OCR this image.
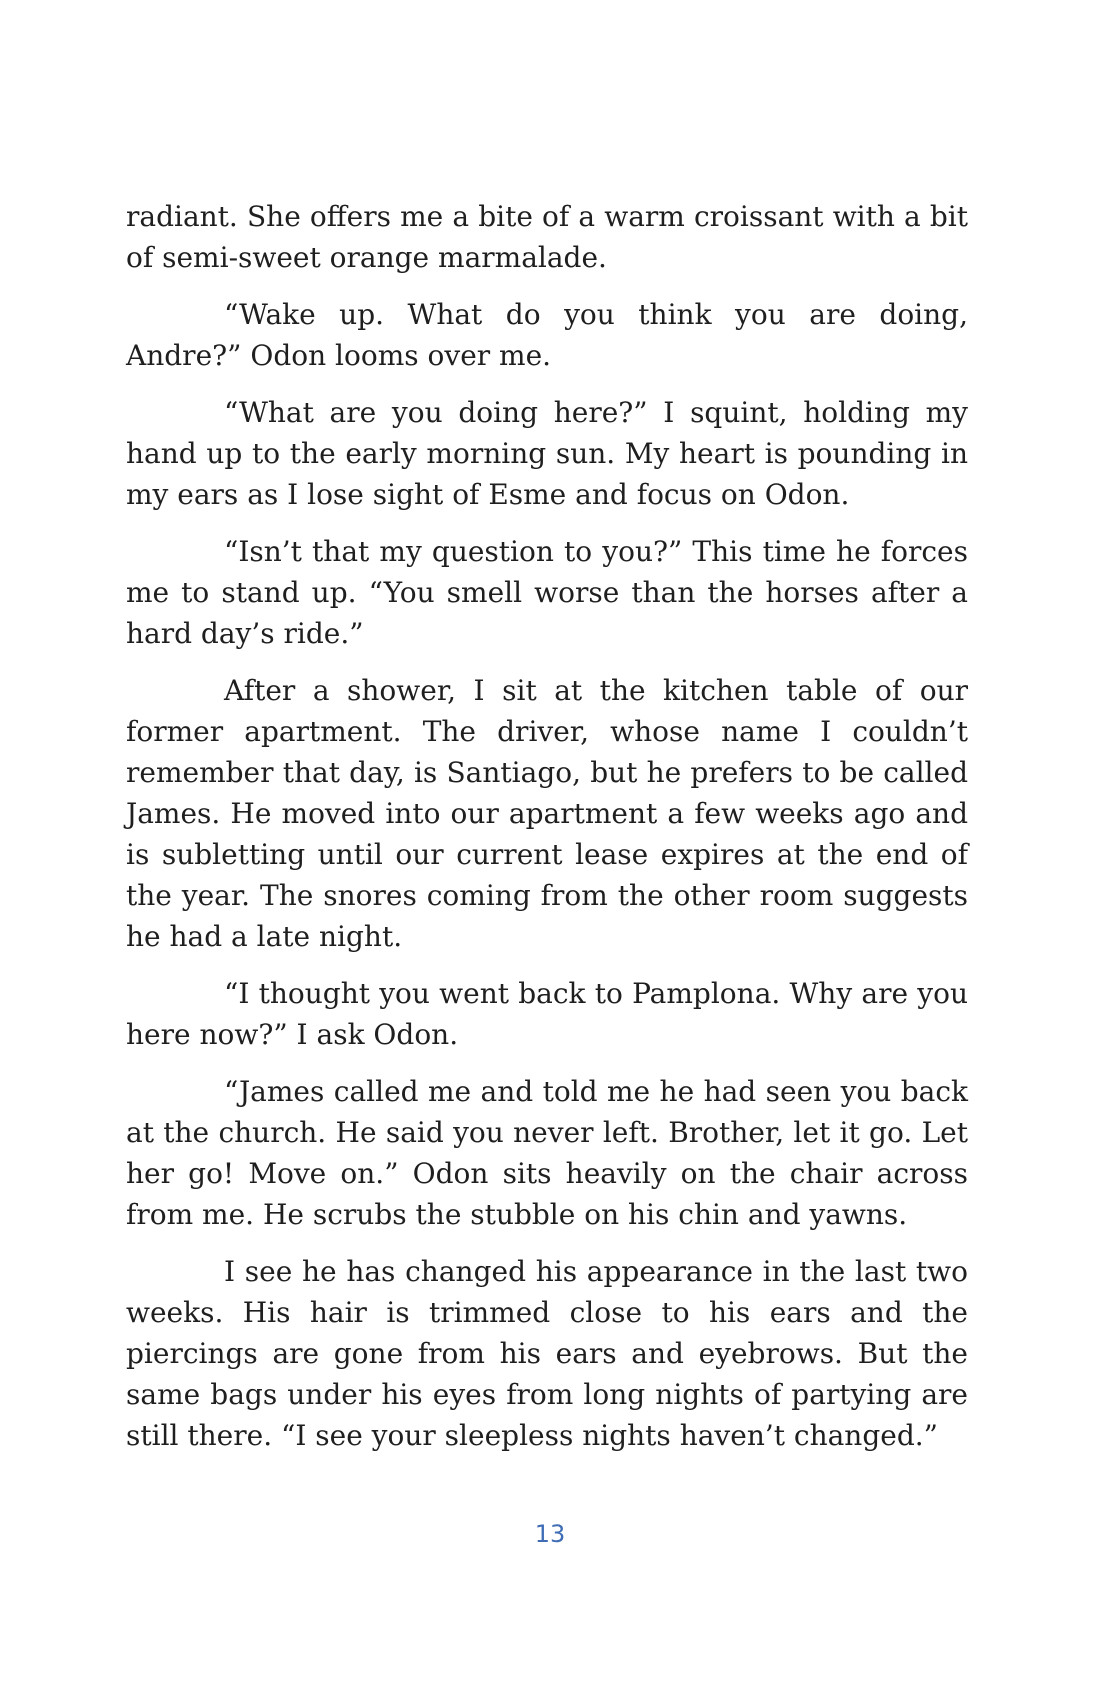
radiant. She offers me a bite of a warm croissant with a bit of semi-sweet orange marmalade.

“Wake up. What do you think you are doing, Andre?” Odon looms over me.

“What are you doing here?” I squint, holding my hand up to the early morning sun. My heart is pounding in my ears as I lose sight of Esme and focus on Odon.

“Isn’t that my question to you?” This time he forces me to stand up. “You smell worse than the horses after a hard day’s ride.”

After a shower, I sit at the kitchen table of our former apartment. The driver, whose name I couldn’t remember that day, is Santiago, but he prefers to be called James. He moved into our apartment a few weeks ago and is subletting until our current lease expires at the end of the year. The snores coming from the other room suggests he had a late night.

“I thought you went back to Pamplona. Why are you here now?” I ask Odon.

“James called me and told me he had seen you back at the church. He said you never left. Brother, let it go. Let her go! Move on.” Odon sits heavily on the chair across from me. He scrubs the stubble on his chin and yawns.

I see he has changed his appearance in the last two weeks. His hair is trimmed close to his ears and the piercings are gone from his ears and eyebrows. But the same bags under his eyes from long nights of partying are still there. “I see your sleepless nights haven’t changed.”

13
